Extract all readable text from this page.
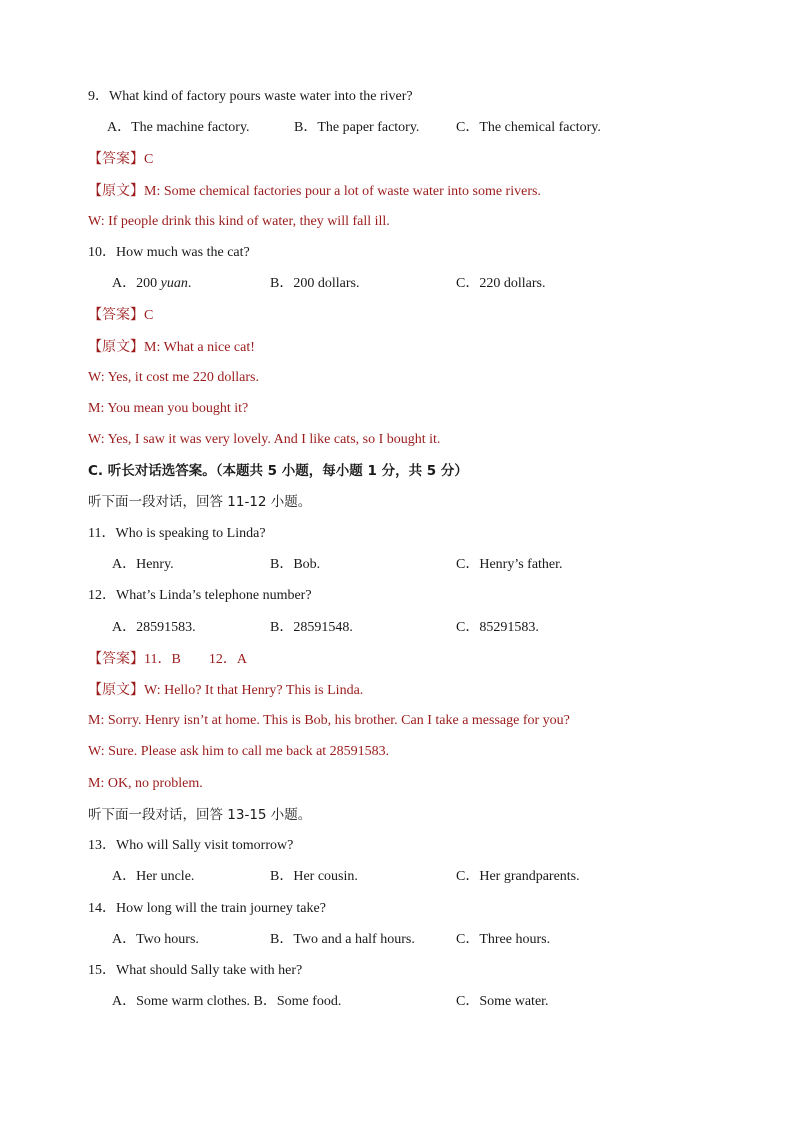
9．What kind of factory pours waste water into the river?
A．The machine factory.	B．The paper factory.	C．The chemical factory.
【答案】C
【原文】M: Some chemical factories pour a lot of waste water into some rivers.
W: If people drink this kind of water, they will fall ill.
10．How much was the cat?
A．200 yuan.	B．200 dollars.	C．220 dollars.
【答案】C
【原文】M: What a nice cat!
W: Yes, it cost me 220 dollars.
M: You mean you bought it?
W: Yes, I saw it was very lovely. And I like cats, so I bought it.
C. 听长对话选答案。（本题共 5 小题，每小题 1 分，共 5 分）
听下面一段对话，回答 11-12 小题。
11．Who is speaking to Linda?
A．Henry.	B．Bob.	C．Henry’s father.
12．What’s Linda’s telephone number?
A．28591583.	B．28591548.	C．85291583.
【答案】11．B        12．A
【原文】W: Hello? It that Henry? This is Linda.
M: Sorry. Henry isn’t at home. This is Bob, his brother. Can I take a message for you?
W: Sure. Please ask him to call me back at 28591583.
M: OK, no problem.
听下面一段对话，回答 13-15 小题。
13．Who will Sally visit tomorrow?
A．Her uncle.	B．Her cousin.	C．Her grandparents.
14．How long will the train journey take?
A．Two hours.	B．Two and a half hours.	C．Three hours.
15．What should Sally take with her?
A．Some warm clothes. B．Some food.	C．Some water.
